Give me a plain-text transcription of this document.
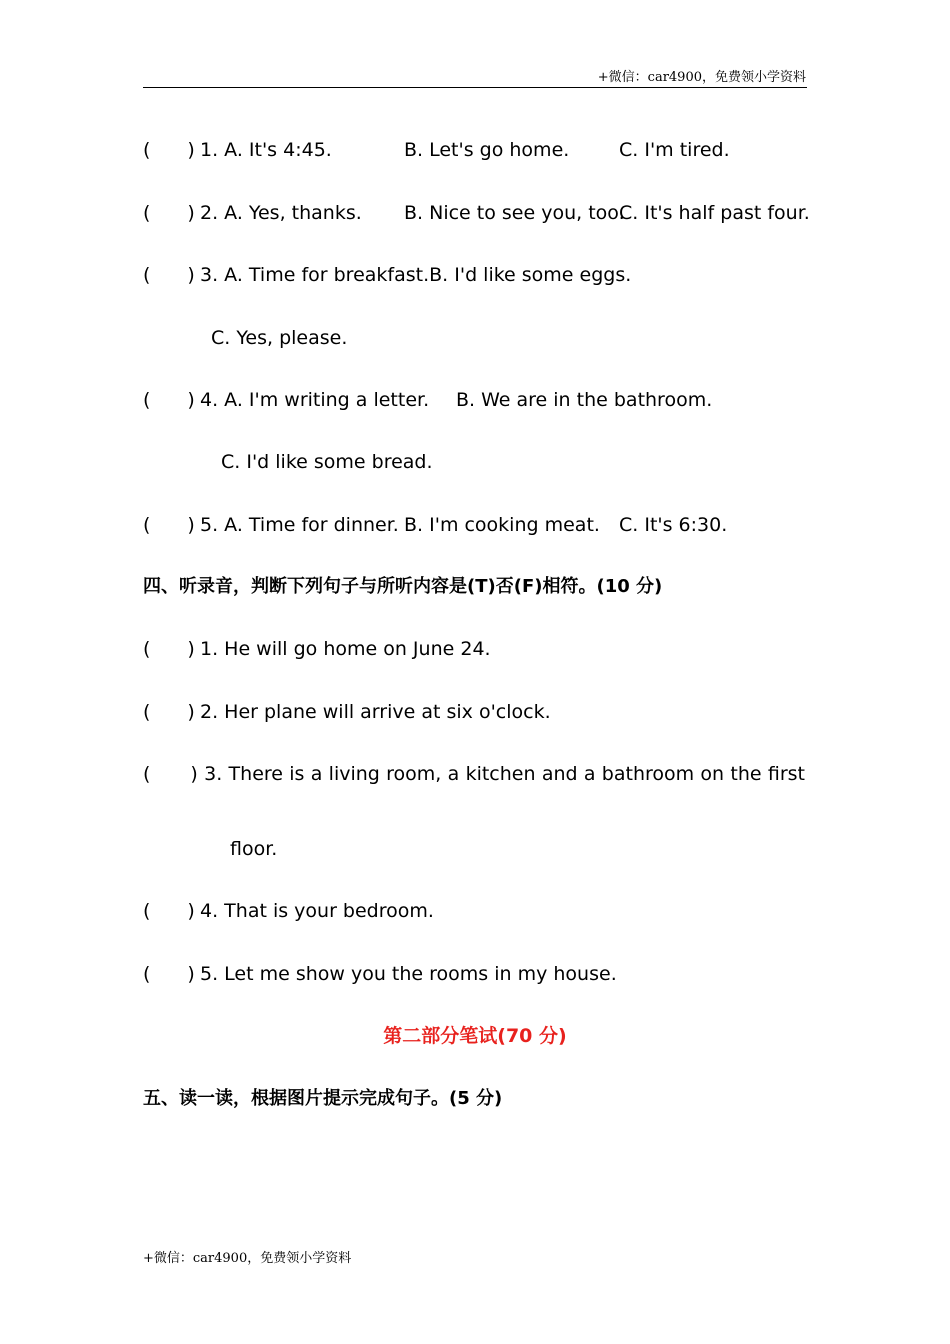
+微信：car4900，免费领小学资料
( ) 1. A. It's 4:45.	B. Let's go home.	C. I'm tired.
( ) 2. A. Yes, thanks. B. Nice to see you, too.
C. It's half past four.
( ) 3. A. Time for breakfast.B. I'd like some eggs.
C. Yes, please.
( ) 4. A. I'm writing a letter. B. We are in the bathroom.
C. I'd like some bread.
( ) 5. A. Time for dinner. B. I'm cooking meat. C. It's 6:30.
四、听录音，判断下列句子与所听内容是(T)否(F)相符。(10 分)
( ) 1. He will go home on June 24.
( ) 2. Her plane will arrive at six o'clock.
( ) 3. There is a living room, a kitchen and a bathroom on the first
floor.
( ) 4. That is your bedroom.
( ) 5. Let me show you the rooms in my house.
第二部分笔试(70 分)
五、读一读，根据图片提示完成句子。(5 分)
+微信：car4900，免费领小学资料
